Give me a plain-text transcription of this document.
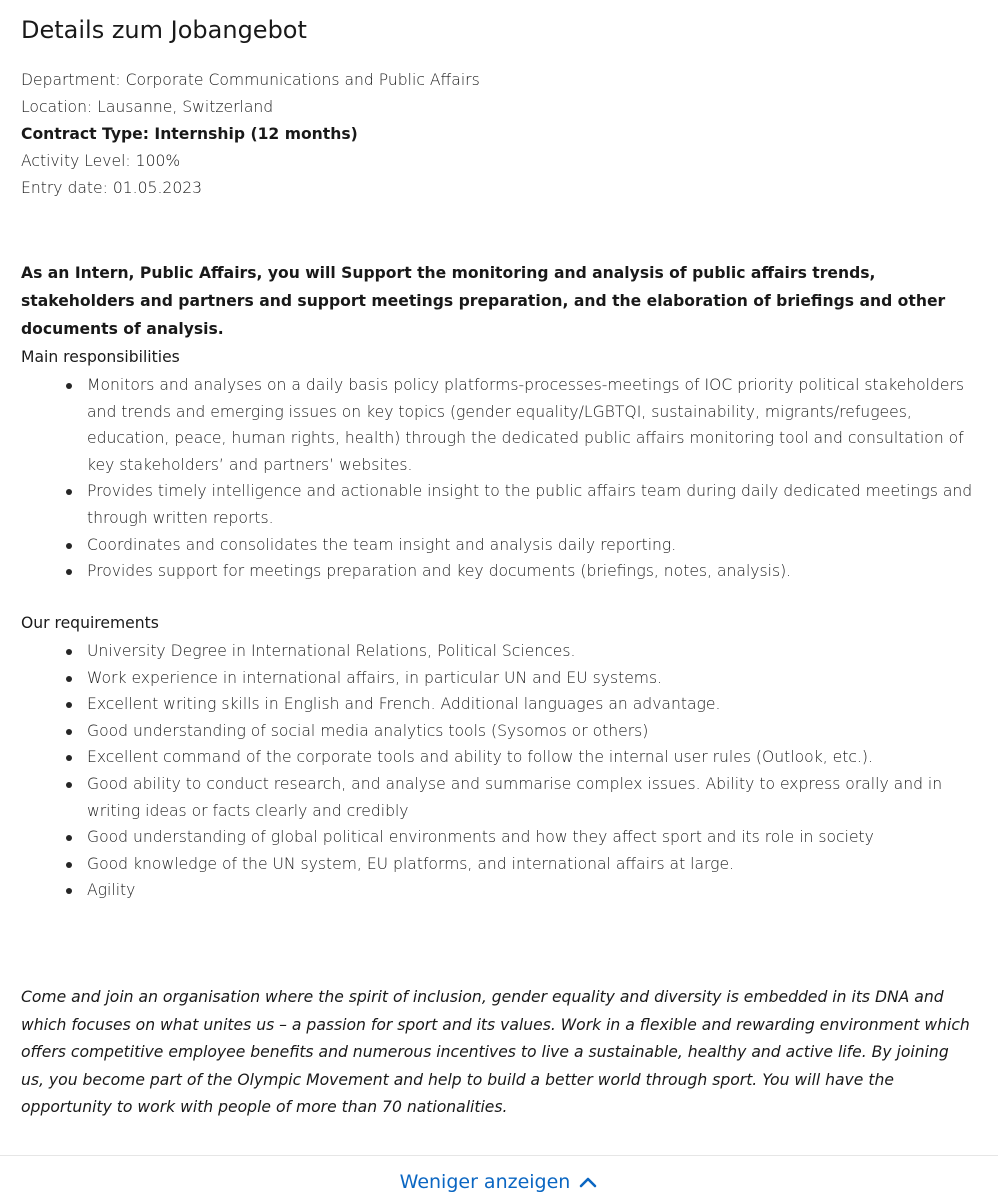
Details zum Jobangebot

Department: Corporate Communications and Public Affairs

Location: Lausanne, Switzerland

Contract Type: Internship (12 months)

Activity Level: 100%

Entry date: 01.05.2023

As an Intern, Public Affairs, you will Support the monitoring and analysis of public affairs trends, stakeholders and partners and support meetings preparation, and the elaboration of briefings and other documents of analysis.

Main responsibilities

Monitors and analyses on a daily basis policy platforms-processes-meetings of IOC priority political stakeholders and trends and emerging issues on key topics (gender equality/LGBTQI, sustainability, migrants/refugees, education, peace, human rights, health) through the dedicated public affairs monitoring tool and consultation of key stakeholders’ and partners’ websites.
Provides timely intelligence and actionable insight to the public affairs team during daily dedicated meetings and through written reports.
Coordinates and consolidates the team insight and analysis daily reporting.
Provides support for meetings preparation and key documents (briefings, notes, analysis).

Our requirements

University Degree in International Relations, Political Sciences.
Work experience in international affairs, in particular UN and EU systems.
Excellent writing skills in English and French. Additional languages an advantage.
Good understanding of social media analytics tools (Sysomos or others)
Excellent command of the corporate tools and ability to follow the internal user rules (Outlook, etc.).
Good ability to conduct research, and analyse and summarise complex issues. Ability to express orally and in writing ideas or facts clearly and credibly
Good understanding of global political environments and how they affect sport and its role in society
Good knowledge of the UN system, EU platforms, and international affairs at large.
Agility

Come and join an organisation where the spirit of inclusion, gender equality and diversity is embedded in its DNA and which focuses on what unites us – a passion for sport and its values. Work in a flexible and rewarding environment which offers competitive employee benefits and numerous incentives to live a sustainable, healthy and active life. By joining us, you become part of the Olympic Movement and help to build a better world through sport. You will have the opportunity to work with people of more than 70 nationalities.

Weniger anzeigen
